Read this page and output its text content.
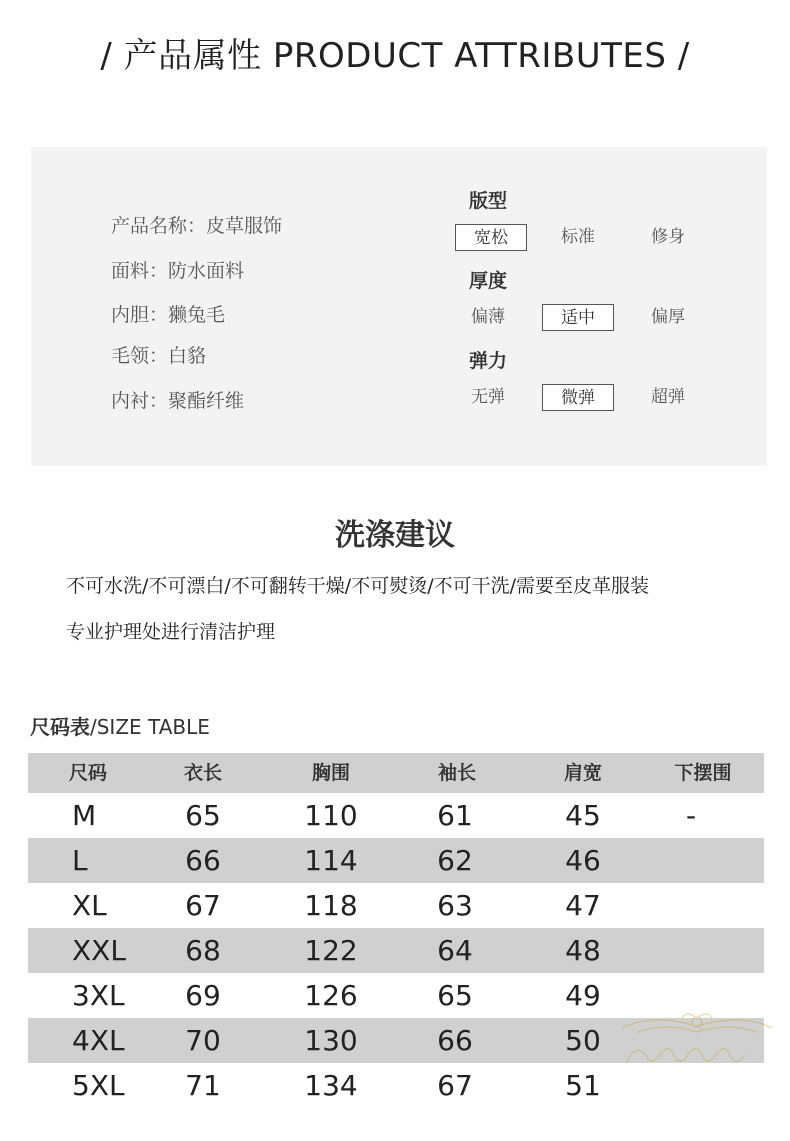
/ 产品属性 PRODUCT ATTRIBUTES /
产品名称：皮草服饰
面料：防水面料
内胆：獭兔毛
毛领：白貉
内衬：聚酯纤维
版型
宽松	标准	修身
厚度
偏薄	适中	偏厚
弹力
无弹	微弹	超弹
洗涤建议
不可水洗/不可漂白/不可翻转干燥/不可熨烫/不可干洗/需要至皮革服装
专业护理处进行清洁护理
尺码表/SIZE TABLE
尺码	衣长	胸围	袖长	肩宽	下摆围
M	65	110	61	45	-
L	66	114	62	46
XL	67	118	63	47
XXL	68	122	64	48
3XL	69	126	65	49
4XL	70	130	66	50
5XL	71	134	67	51
